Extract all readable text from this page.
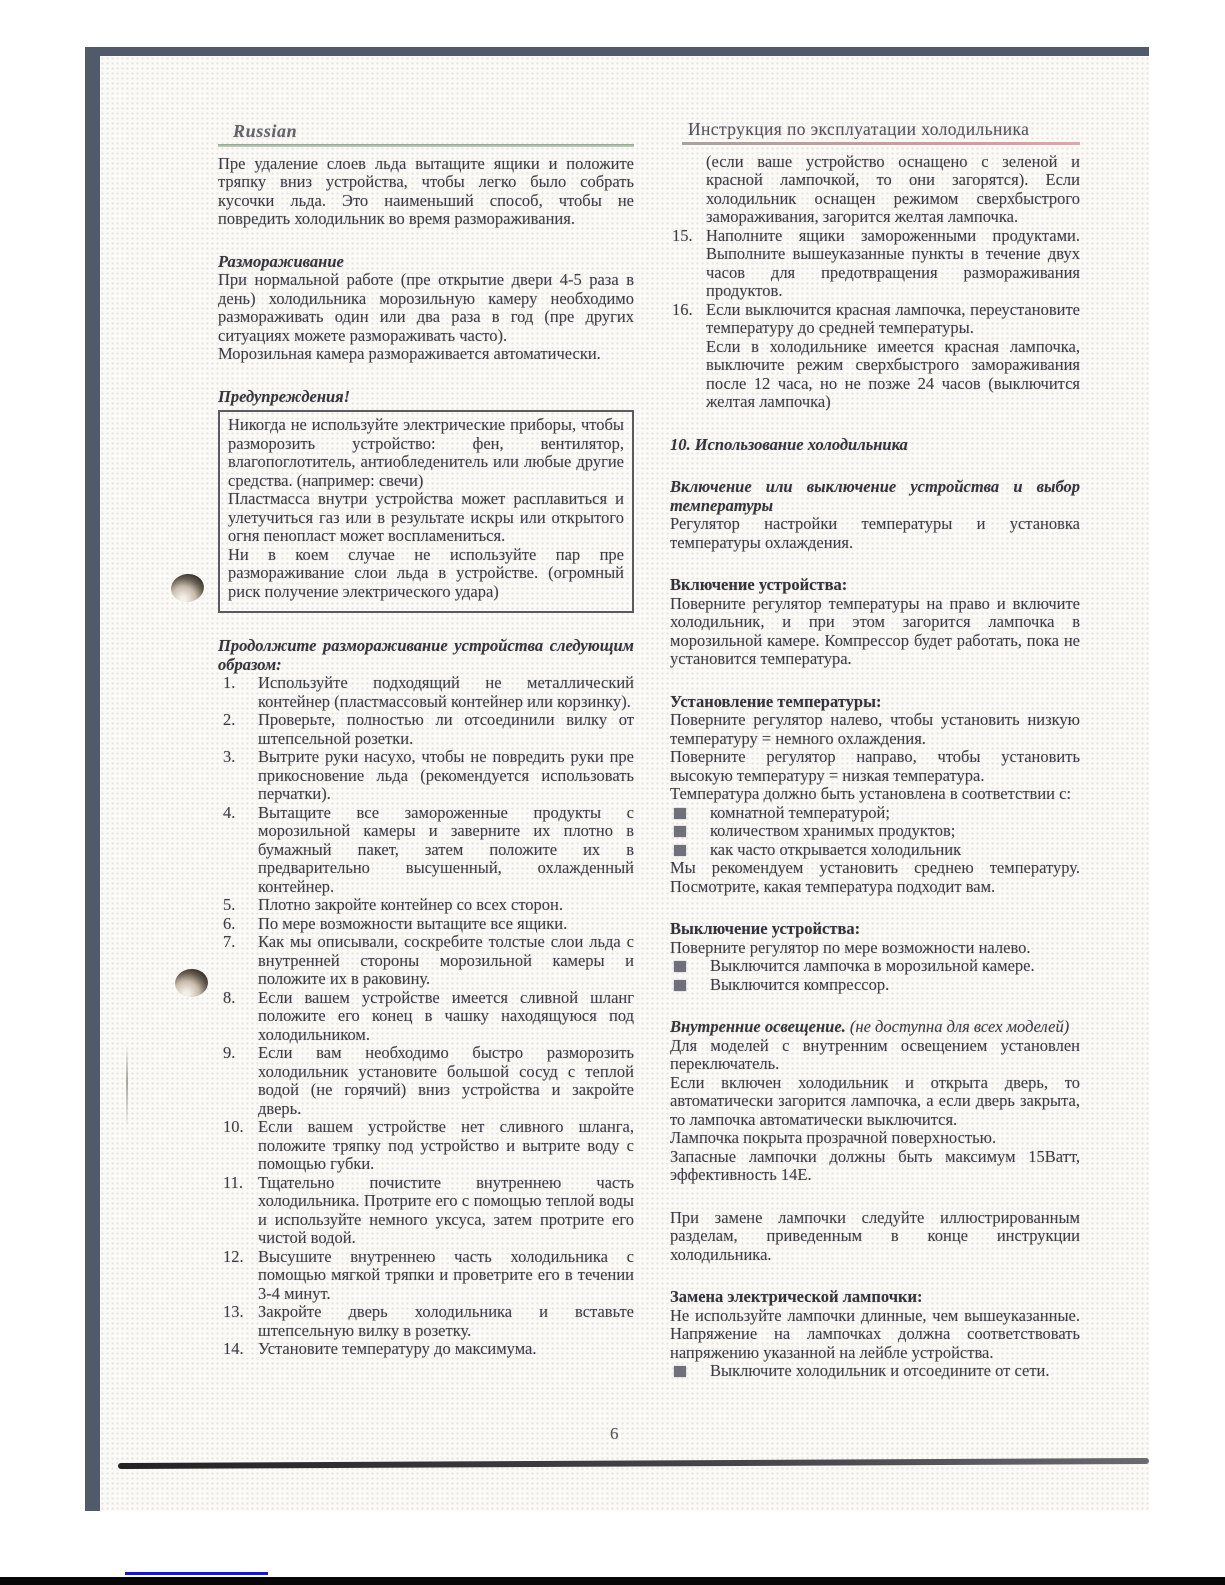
Russian

Пре удаление слоев льда вытащите ящики и положите тряпку вниз устройства, чтобы легко было собрать кусочки льда. Это наименьший способ, чтобы не повредить холодильник во время размораживания.

Размораживание

При нормальной работе (пре открытие двери 4-5 раза в день) холодильника морозильную камеру необходимо размораживать один или два раза в год (пре других ситуациях можете размораживать часто).

Морозильная камера размораживается автоматически.

Предупреждения!

Никогда не используйте электрические приборы, чтобы разморозить устройство: фен, вентилятор, влагопоглотитель, антиобледенитель или любые другие средства. (например: свечи)

Пластмасса внутри устройства может расплавиться и улетучиться газ или в результате искры или открытого огня пенопласт может воспламениться.

Ни в коем случае не используйте пар пре размораживание слои льда в устройстве. (огромный риск получение электрического удара)

Продолжите размораживание устройства следующим образом:

1.	Используйте подходящий не металлический контейнер (пластмассовый контейнер или корзинку).
2.	Проверьте, полностью ли отсоединили вилку от штепсельной розетки.
3.	Вытрите руки насухо, чтобы не повредить руки пре прикосновение льда (рекомендуется использовать перчатки).
4.	Вытащите все замороженные продукты с морозильной камеры и заверните их плотно в бумажный пакет, затем положите их в предварительно высушенный, охлажденный контейнер.
5.	Плотно закройте контейнер со всех сторон.
6.	По мере возможности вытащите все ящики.
7.	Как мы описывали, соскребите толстые слои льда с внутренней стороны морозильной камеры и положите их в раковину.
8.	Если вашем устройстве имеется сливной шланг положите его конец в чашку находящуюся под холодильником.
9.	Если вам необходимо быстро разморозить холодильник установите большой сосуд с теплой водой (не горячий) вниз устройства и закройте дверь.
10. Если вашем устройстве нет сливного шланга, положите тряпку под устройство и вытрите воду с помощью губки.
11. Тщательно почистите внутреннею часть холодильника. Протрите его с помощью теплой воды и используйте немного уксуса, затем протрите его чистой водой.
12. Высушите внутреннею часть холодильника с помощью мягкой тряпки и проветрите его в течении 3-4 минут.
13. Закройте дверь холодильника и вставьте штепсельную вилку в розетку.
14. Установите температуру до максимума.
Инструкция по эксплуатации холодильника

(если ваше устройство оснащено с зеленой и красной лампочкой, то они загорятся). Если холодильник оснащен режимом сверхбыстрого замораживания, загорится желтая лампочка.

15. Наполните ящики замороженными продуктами. Выполните вышеуказанные пункты в течение двух часов для предотвращения размораживания продуктов.
16. Если выключится красная лампочка, переустановите температуру до средней температуры.
Если в холодильнике имеется красная лампочка, выключите режим сверхбыстрого замораживания после 12 часа, но не позже 24 часов (выключится желтая лампочка)

10. Использование холодильника

Включение или выключение устройства и выбор температуры

Регулятор настройки температуры и установка температуры охлаждения.

Включение устройства:

Поверните регулятор температуры на право и включите холодильник, и при этом загорится лампочка в морозильной камере. Компрессор будет работать, пока не установится температура.

Установление температуры:

Поверните регулятор налево, чтобы установить низкую температуру = немного охлаждения.

Поверните регулятор направо, чтобы установить высокую температуру = низкая температура.

Температура должно быть установлена в соответствии с:

комнатной температурой;
количеством хранимых продуктов;
как часто открывается холодильник

Мы рекомендуем установить среднею температуру. Посмотрите, какая температура подходит вам.

Выключение устройства:

Поверните регулятор по мере возможности налево.

Выключится лампочка в морозильной камере.
Выключится компрессор.

Внутренние освещение. (не доступна для всех моделей)

Для моделей с внутренним освещением установлен переключатель.

Если включен холодильник и открыта дверь, то автоматически загорится лампочка, а если дверь закрыта, то лампочка автоматически выключится.

Лампочка покрыта прозрачной поверхностью.

Запасные лампочки должны быть максимум 15Ватт, эффективность 14Е.

При замене лампочки следуйте иллюстрированным разделам, приведенным в конце инструкции холодильника.

Замена электрической лампочки:

Не используйте лампочки длинные, чем вышеуказанные. Напряжение на лампочках должна соответствовать напряжению указанной на лейбле устройства.

Выключите холодильник и отсоедините от сети.
6
